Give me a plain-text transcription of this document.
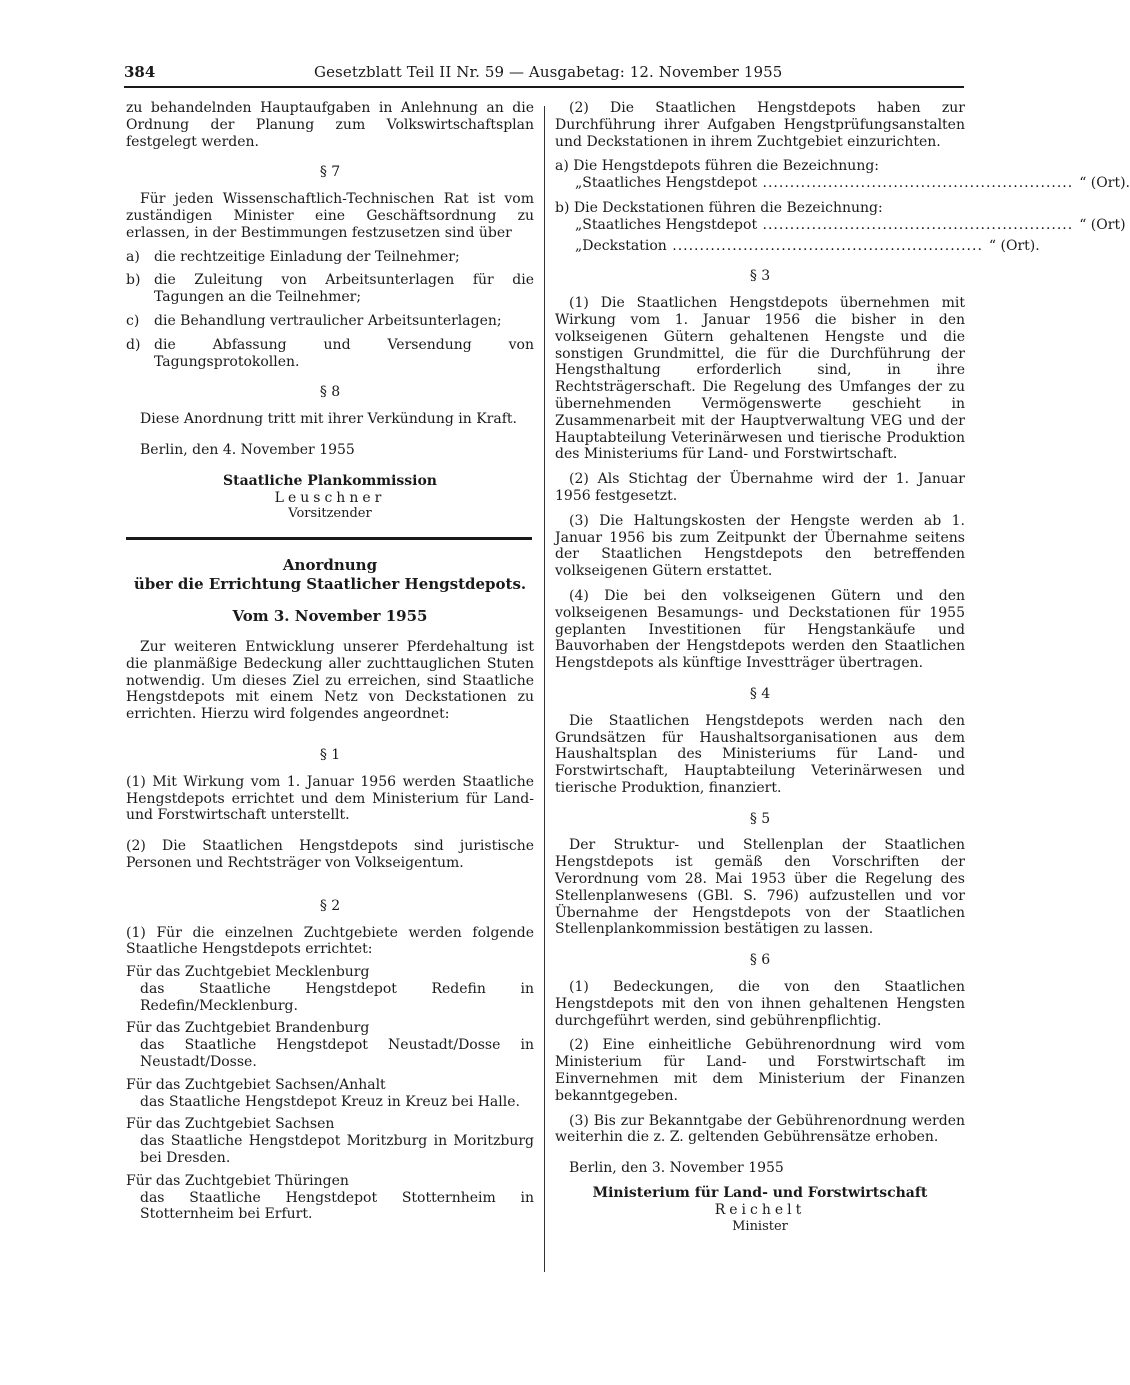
384	Gesetzblatt Teil II Nr. 59 — Ausgabetag: 12. November 1955

zu behandelnden Hauptaufgaben in Anlehnung an die Ordnung der Planung zum Volkswirtschaftsplan festgelegt werden.

§ 7

Für jeden Wissenschaftlich-Technischen Rat ist vom zuständigen Minister eine Geschäftsordnung zu erlassen, in der Bestimmungen festzusetzen sind über

a)	die rechtzeitige Einladung der Teilnehmer;
b) die Zuleitung von Arbeitsunterlagen für die Tagungen an die Teilnehmer;
c)	die Behandlung vertraulicher Arbeitsunterlagen;
d) die Abfassung und Versendung von Tagungsprotokollen.

§ 8

Diese Anordnung tritt mit ihrer Verkündung in Kraft.

Berlin, den 4. November 1955

Staatliche Plankommission
Leuschner
Vorsitzender
Anordnung
über die Errichtung Staatlicher Hengstdepots.

Vom 3. November 1955

Zur weiteren Entwicklung unserer Pferdehaltung ist die planmäßige Bedeckung aller zuchttauglichen Stuten notwendig. Um dieses Ziel zu erreichen, sind Staatliche Hengstdepots mit einem Netz von Deckstationen zu errichten. Hierzu wird folgendes angeordnet:

§ 1

(1) Mit Wirkung vom 1. Januar 1956 werden Staatliche Hengstdepots errichtet und dem Ministerium für Land- und Forstwirtschaft unterstellt.

(2) Die Staatlichen Hengstdepots sind juristische Personen und Rechtsträger von Volkseigentum.

§ 2

(1) Für die einzelnen Zuchtgebiete werden folgende Staatliche Hengstdepots errichtet:

Für das Zuchtgebiet Mecklenburg
das Staatliche Hengstdepot Redefin in Redefin/Mecklenburg.
Für das Zuchtgebiet Brandenburg
das Staatliche Hengstdepot Neustadt/Dosse in Neustadt/Dosse.
Für das Zuchtgebiet Sachsen/Anhalt
das Staatliche Hengstdepot Kreuz in Kreuz bei Halle.
Für das Zuchtgebiet Sachsen
das Staatliche Hengstdepot Moritzburg in Moritzburg bei Dresden.
Für das Zuchtgebiet Thüringen
das Staatliche Hengstdepot Stotternheim in Stotternheim bei Erfurt.

(2) Die Staatlichen Hengstdepots haben zur Durchführung ihrer Aufgaben Hengstprüfungsanstalten und Deckstationen in ihrem Zuchtgebiet einzurichten.

a) Die Hengstdepots führen die Bezeichnung:
„Staatliches Hengstdepot ......................................................... “ (Ort).
b) Die Deckstationen führen die Bezeichnung:
„Staatliches Hengstdepot ......................................................... “ (Ort)
„Deckstation ......................................................... “ (Ort).

§ 3

(1) Die Staatlichen Hengstdepots übernehmen mit Wirkung vom 1. Januar 1956 die bisher in den volkseigenen Gütern gehaltenen Hengste und die sonstigen Grundmittel, die für die Durchführung der Hengsthaltung erforderlich sind, in ihre Rechtsträgerschaft. Die Regelung des Umfanges der zu übernehmenden Vermögenswerte geschieht in Zusammenarbeit mit der Hauptverwaltung VEG und der Hauptabteilung Veterinärwesen und tierische Produktion des Ministeriums für Land- und Forstwirtschaft.

(2) Als Stichtag der Übernahme wird der 1. Januar 1956 festgesetzt.

(3) Die Haltungskosten der Hengste werden ab 1. Januar 1956 bis zum Zeitpunkt der Übernahme seitens der Staatlichen Hengstdepots den betreffenden volkseigenen Gütern erstattet.

(4) Die bei den volkseigenen Gütern und den volkseigenen Besamungs- und Deckstationen für 1955 geplanten Investitionen für Hengstankäufe und Bauvorhaben der Hengstdepots werden den Staatlichen Hengstdepots als künftige Investträger übertragen.

§ 4

Die Staatlichen Hengstdepots werden nach den Grundsätzen für Haushaltsorganisationen aus dem Haushaltsplan des Ministeriums für Land- und Forstwirtschaft, Hauptabteilung Veterinärwesen und tierische Produktion, finanziert.

§ 5

Der Struktur- und Stellenplan der Staatlichen Hengstdepots ist gemäß den Vorschriften der Verordnung vom 28. Mai 1953 über die Regelung des Stellenplanwesens (GBl. S. 796) aufzustellen und vor Übernahme der Hengstdepots von der Staatlichen Stellenplankommission bestätigen zu lassen.

§ 6

(1) Bedeckungen, die von den Staatlichen Hengstdepots mit den von ihnen gehaltenen Hengsten durchgeführt werden, sind gebührenpflichtig.

(2) Eine einheitliche Gebührenordnung wird vom Ministerium für Land- und Forstwirtschaft im Einvernehmen mit dem Ministerium der Finanzen bekanntgegeben.

(3) Bis zur Bekanntgabe der Gebührenordnung werden weiterhin die z. Z. geltenden Gebührensätze erhoben.

Berlin, den 3. November 1955

Ministerium für Land- und Forstwirtschaft
Reichelt
Minister
